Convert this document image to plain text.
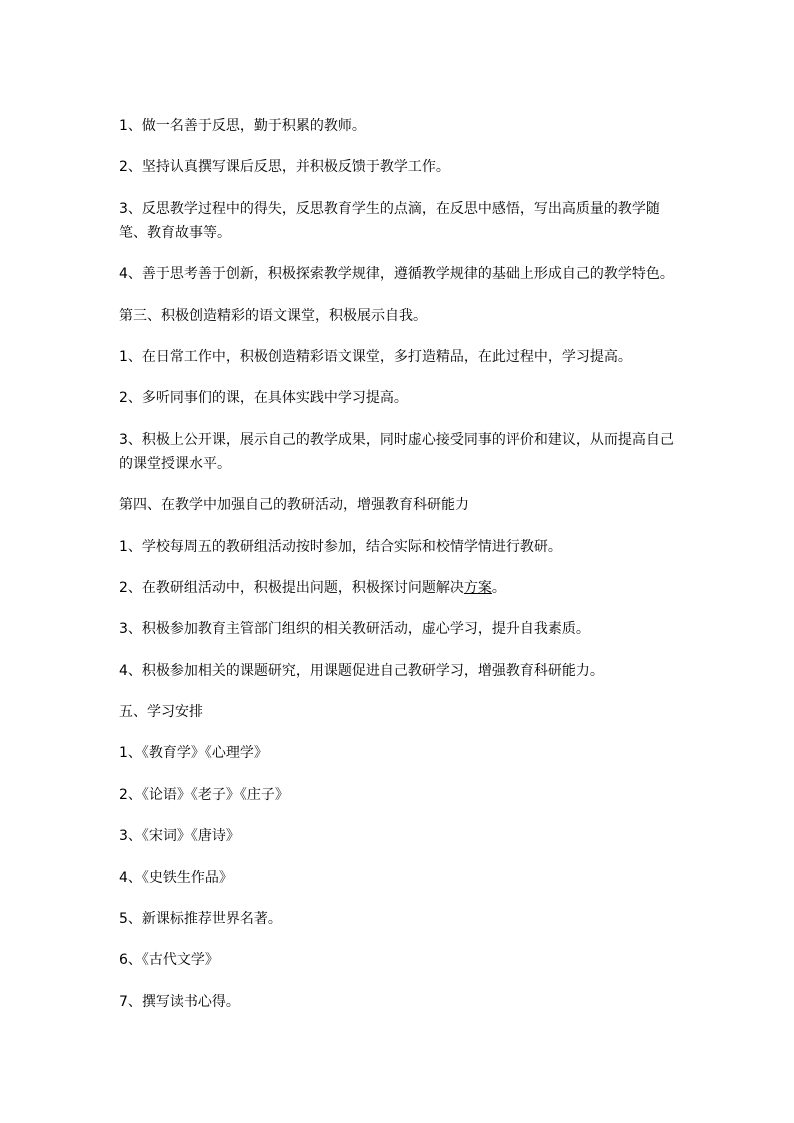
1、做一名善于反思，勤于积累的教师。

2、坚持认真撰写课后反思，并积极反馈于教学工作。

3、反思教学过程中的得失，反思教育学生的点滴，在反思中感悟，写出高质量的教学随笔、教育故事等。

4、善于思考善于创新，积极探索教学规律，遵循教学规律的基础上形成自己的教学特色。

第三、积极创造精彩的语文课堂，积极展示自我。

1、在日常工作中，积极创造精彩语文课堂，多打造精品，在此过程中，学习提高。

2、多听同事们的课，在具体实践中学习提高。

3、积极上公开课，展示自己的教学成果，同时虚心接受同事的评价和建议，从而提高自己的课堂授课水平。

第四、在教学中加强自己的教研活动，增强教育科研能力

1、学校每周五的教研组活动按时参加，结合实际和校情学情进行教研。

2、在教研组活动中，积极提出问题，积极探讨问题解决方案。

3、积极参加教育主管部门组织的相关教研活动，虚心学习，提升自我素质。

4、积极参加相关的课题研究，用课题促进自己教研学习，增强教育科研能力。

五、学习安排

1、《教育学》《心理学》

2、《论语》《老子》《庄子》

3、《宋词》《唐诗》

4、《史铁生作品》

5、新课标推荐世界名著。

6、《古代文学》

7、撰写读书心得。
